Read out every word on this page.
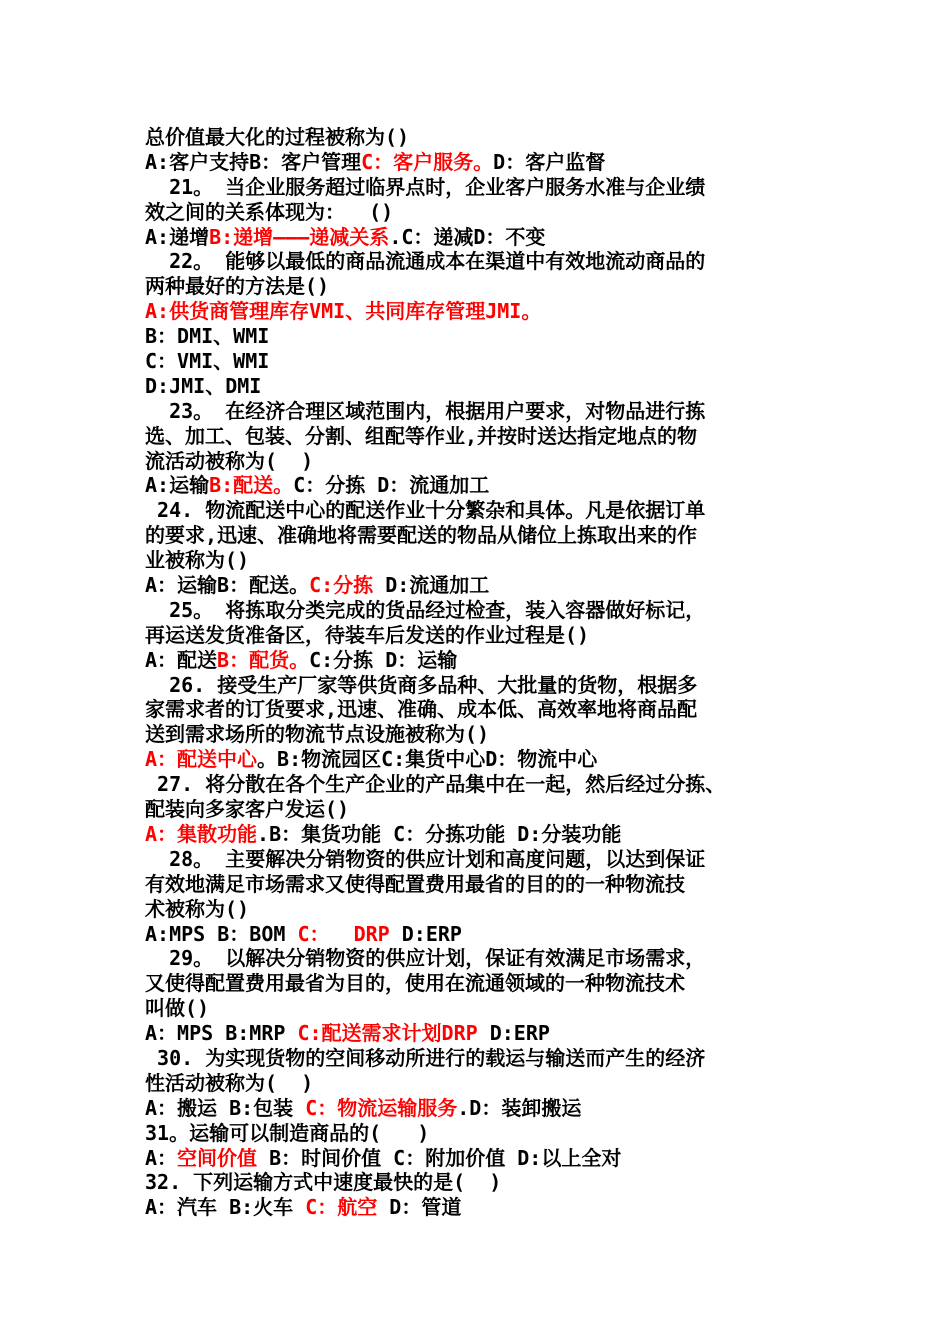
总价值最大化的过程被称为()
A:客户支持B：客户管理C：客户服务。D：客户监督
21。 当企业服务超过临界点时，企业客户服务水准与企业绩
效之间的关系体现为：  ()
A:递增B:递增———递减关系.C：递减D：不变
22。 能够以最低的商品流通成本在渠道中有效地流动商品的
两种最好的方法是()
A:供货商管理库存VMI、共同库存管理JMI。
B：DMI、WMI
C：VMI、WMI
D:JMI、DMI
23。 在经济合理区域范围内，根据用户要求，对物品进行拣
选、加工、包装、分割、组配等作业,并按时送达指定地点的物
流活动被称为(  )
A:运输B:配送。C：分拣 D：流通加工
24. 物流配送中心的配送作业十分繁杂和具体。凡是依据订单
的要求,迅速、准确地将需要配送的物品从储位上拣取出来的作
业被称为()
A：运输B：配送。C:分拣 D:流通加工
25。 将拣取分类完成的货品经过检查，装入容器做好标记，
再运送发货准备区，待装车后发送的作业过程是()
A：配送B：配货。C:分拣 D：运输
26. 接受生产厂家等供货商多品种、大批量的货物，根据多
家需求者的订货要求,迅速、准确、成本低、高效率地将商品配
送到需求场所的物流节点设施被称为()
A：配送中心。B:物流园区C:集货中心D：物流中心
27. 将分散在各个生产企业的产品集中在一起，然后经过分拣、
配装向多家客户发运()
A：集散功能.B：集货功能 C：分拣功能 D:分装功能
28。 主要解决分销物资的供应计划和高度问题，以达到保证
有效地满足市场需求又使得配置费用最省的目的的一种物流技
术被称为()
A:MPS B：BOM C：  DRP D:ERP
29。 以解决分销物资的供应计划，保证有效满足市场需求，
又使得配置费用最省为目的，使用在流通领域的一种物流技术
叫做()
A：MPS B:MRP C:配送需求计划DRP D:ERP
30. 为实现货物的空间移动所进行的载运与输送而产生的经济
性活动被称为(  )
A：搬运 B:包装 C：物流运输服务.D：装卸搬运
31。运输可以制造商品的(   )
A：空间价值 B：时间价值 C：附加价值 D:以上全对
32. 下列运输方式中速度最快的是(  )
A：汽车 B:火车 C：航空 D：管道
